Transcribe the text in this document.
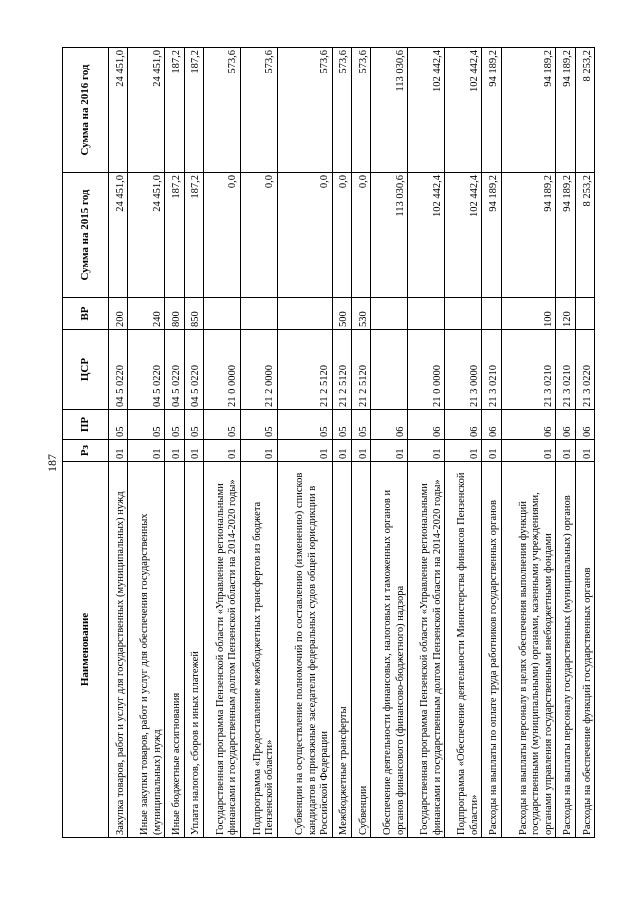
187
Наименование	Рз	ПР	ЦСР	ВР	Сумма на 2015 год	Сумма на 2016 год
Закупка товаров, работ и услуг для государственных (муниципальных) нужд	01	05	04 5 0220	200	24 451,0	24 451,0
Иные закупки товаров, работ и услуг для обеспечения государственных (муниципальных) нужд	01	05	04 5 0220	240	24 451,0	24 451,0
Иные бюджетные ассигнования	01	05	04 5 0220	800	187,2	187,2
Уплата налогов, сборов и иных платежей	01	05	04 5 0220	850	187,2	187,2
Государственная программа Пензенской области «Управление региональными финансами и государственным долгом Пензенской области на 2014-2020 годы»	01	05	21 0 0000		0,0	573,6
Подпрограмма «Предоставление межбюджетных трансфертов из бюджета Пензенской области»	01	05	21 2 0000		0,0	573,6
Субвенции на осуществление полномочий по составлению (изменению) списков кандидатов в присяжные заседатели федеральных судов общей юрисдикции в Российской Федерации	01	05	21 2 5120		0,0	573,6
Межбюджетные трансферты	01	05	21 2 5120	500	0,0	573,6
Субвенции	01	05	21 2 5120	530	0,0	573,6
Обеспечение деятельности финансовых, налоговых и таможенных органов и органов финансового (финансово-бюджетного) надзора	01	06			113 030,6	113 030,6
Государственная программа Пензенской области «Управление региональными финансами и государственным долгом Пензенской области на 2014-2020 годы»	01	06	21 0 0000		102 442,4	102 442,4
Подпрограмма «Обеспечение деятельности Министерства финансов Пензенской области»	01	06	21 3 0000		102 442,4	102 442,4
Расходы на выплаты по оплате труда работников государственных органов	01	06	21 3 0210		94 189,2	94 189,2
Расходы на выплаты персоналу в целях обеспечения выполнения функций государственными (муниципальными) органами, казенными учреждениями, органами управления государственными внебюджетными фондами	01	06	21 3 0210	100	94 189,2	94 189,2
Расходы на выплаты персоналу государственных (муниципальных) органов	01	06	21 3 0210	120	94 189,2	94 189,2
Расходы на обеспечение функций государственных органов	01	06	21 3 0220		8 253,2	8 253,2
